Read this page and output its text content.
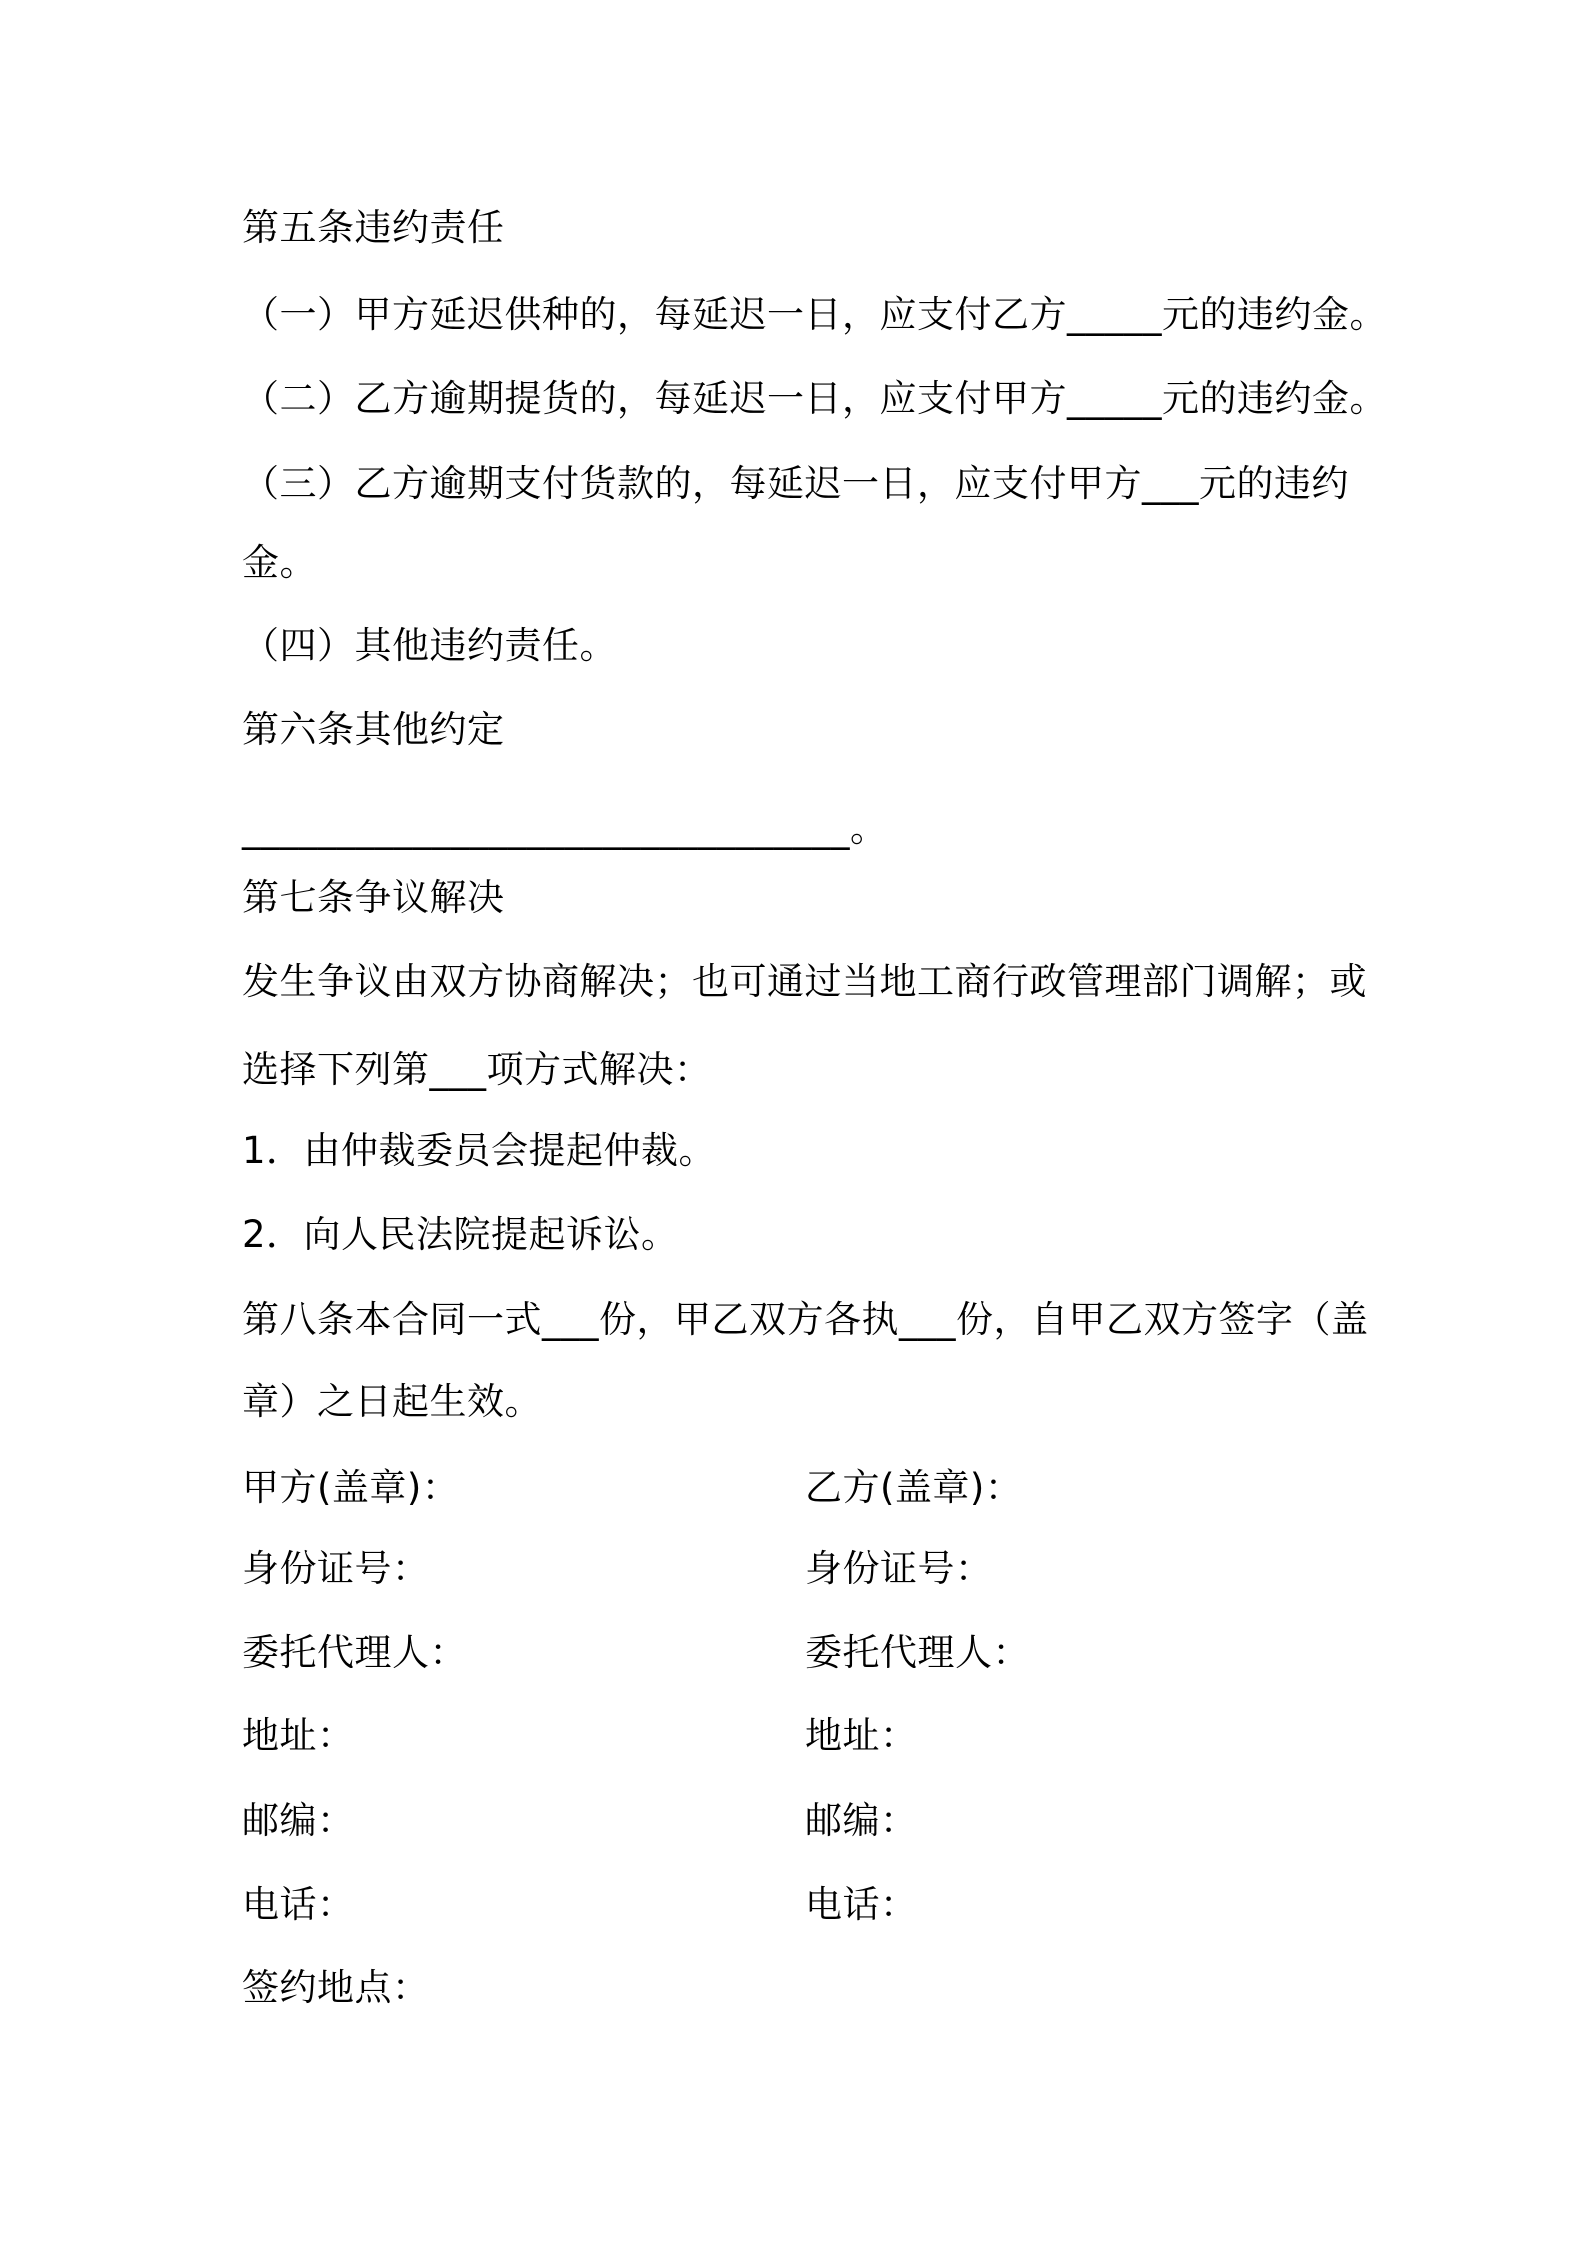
第五条违约责任
（一）甲方延迟供种的，每延迟一日，应支付乙方_____元的违约金。
（二）乙方逾期提货的，每延迟一日，应支付甲方_____元的违约金。
（三）乙方逾期支付货款的，每延迟一日，应支付甲方___元的违约
金。
（四）其他违约责任。
第六条其他约定
________________________________。
第七条争议解决
发生争议由双方协商解决；也可通过当地工商行政管理部门调解；或
选择下列第___项方式解决：
1．由仲裁委员会提起仲裁。
2．向人民法院提起诉讼。
第八条本合同一式___份，甲乙双方各执___份，自甲乙双方签字（盖
章）之日起生效。
甲方(盖章)：
身份证号：
委托代理人：
地址：
邮编：
电话：
乙方(盖章)：
身份证号：
委托代理人：
地址：
邮编：
电话：
签约地点：
